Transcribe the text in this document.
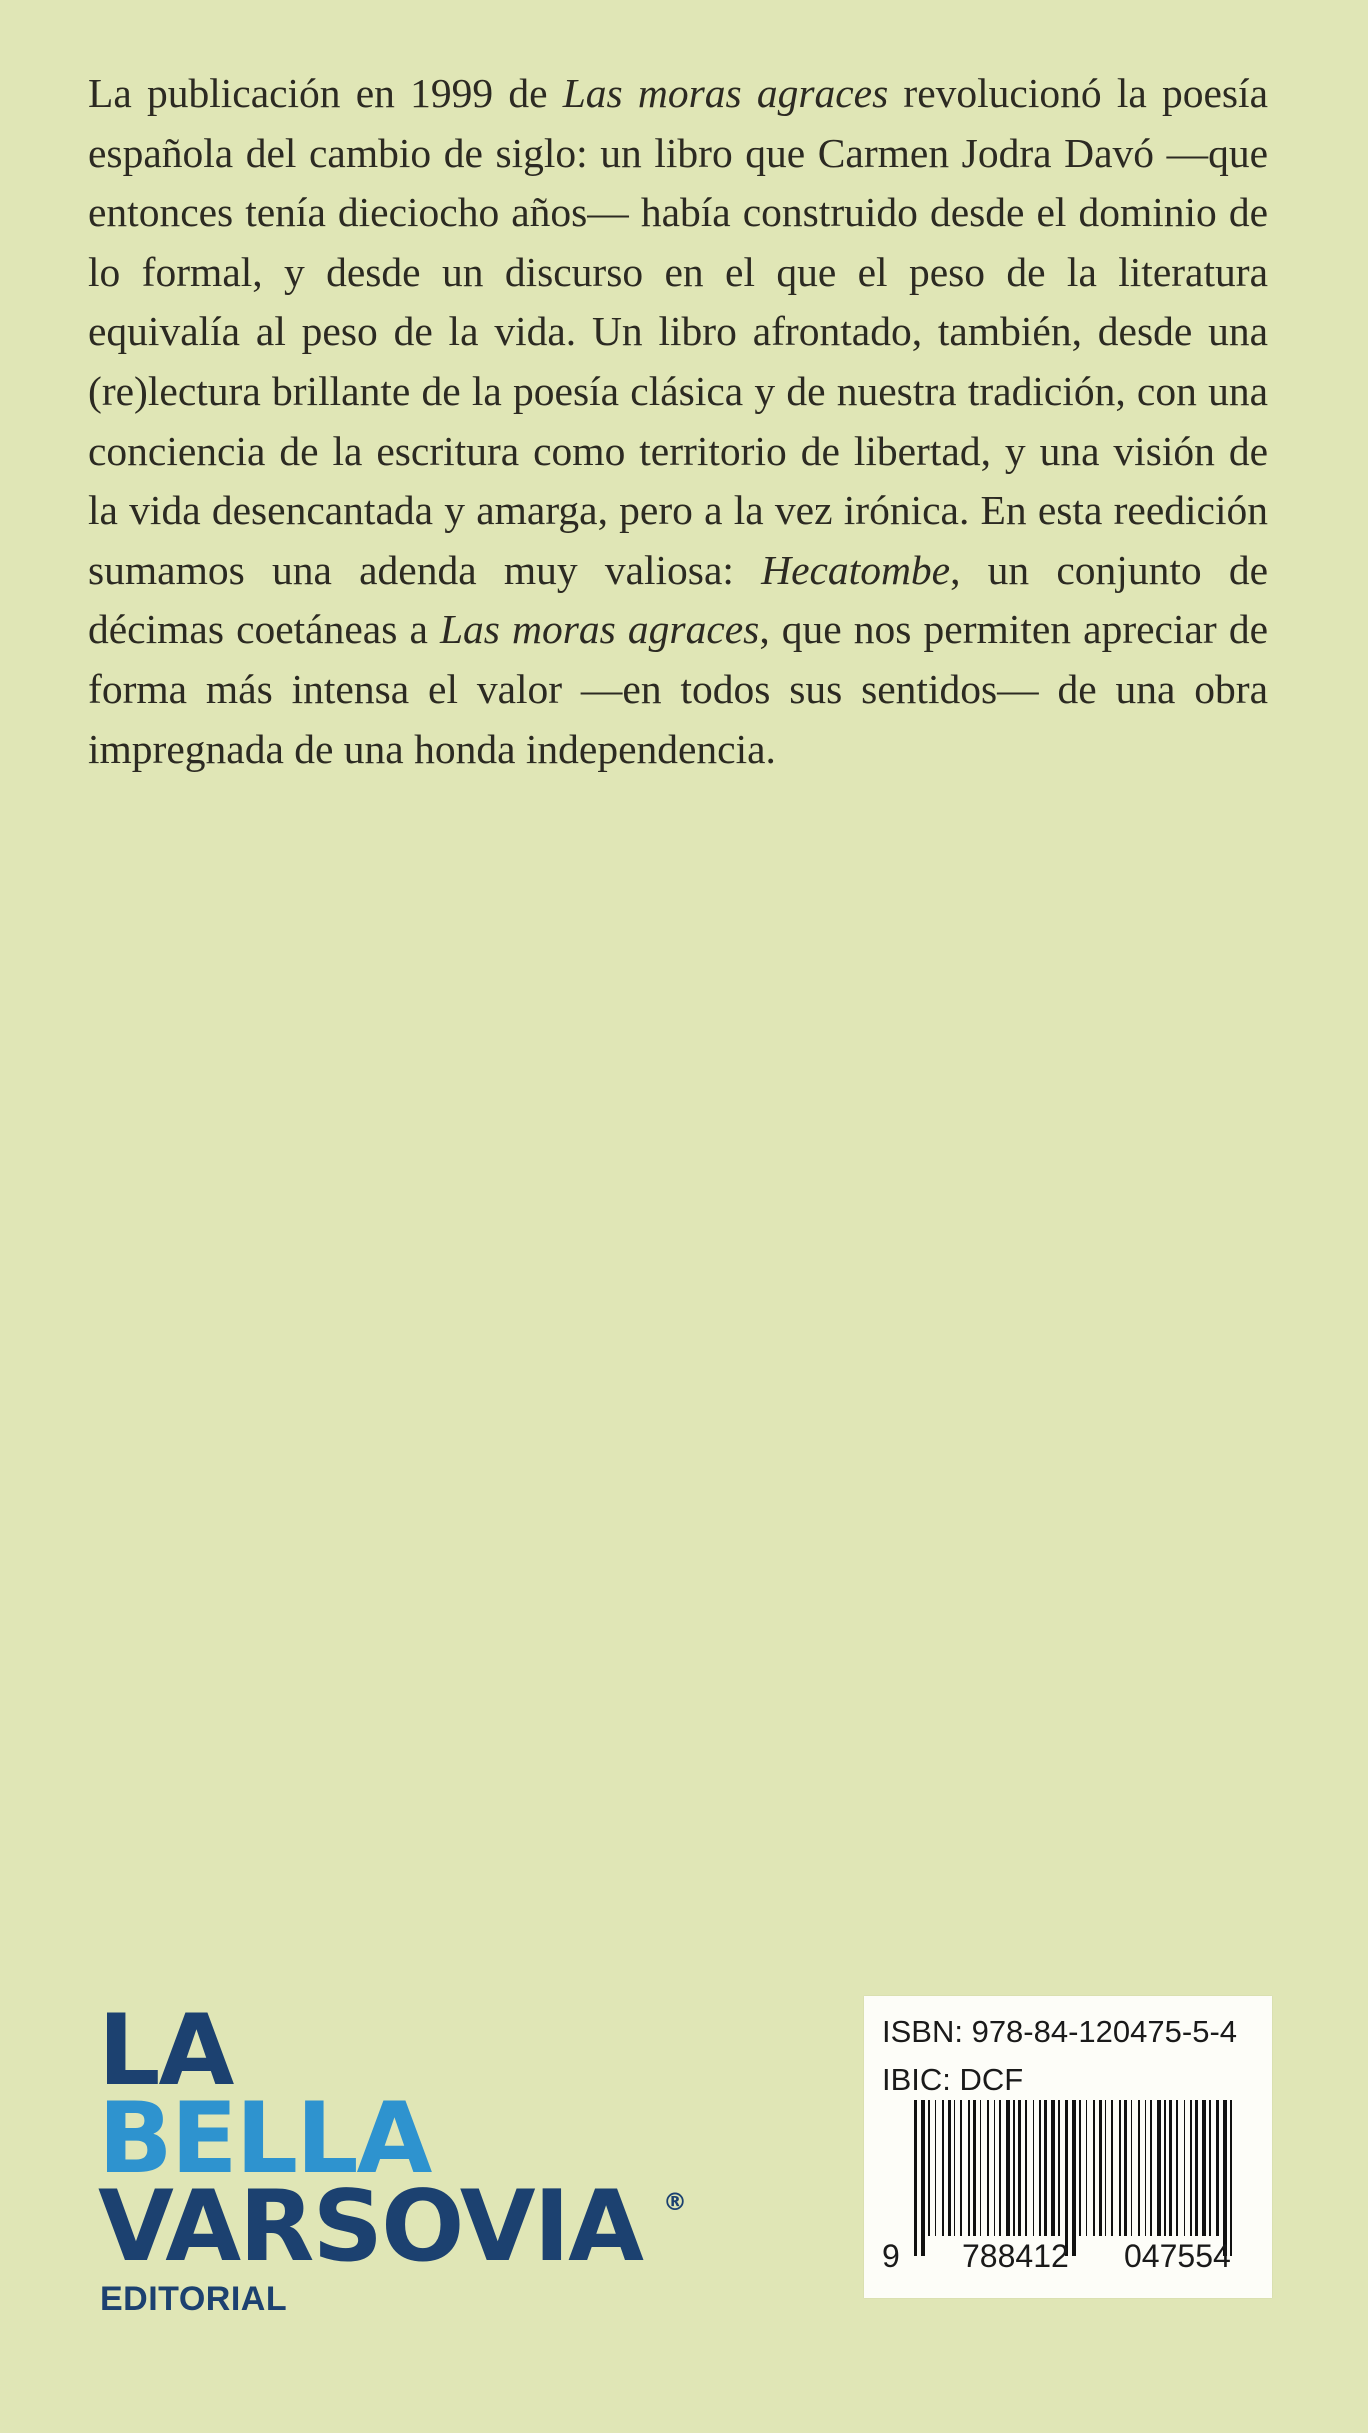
La publicación en 1999 de Las moras agraces revolucionó la poesía española del cambio de siglo: un libro que Carmen Jodra Davó —que entonces tenía dieciocho años— había construido desde el dominio de lo formal, y desde un discurso en el que el peso de la literatura equivalía al peso de la vida. Un libro afrontado, también, desde una (re)lectura brillante de la poesía clásica y de nuestra tradición, con una conciencia de la escritura como territorio de libertad, y una visión de la vida desencantada y amarga, pero a la vez irónica. En esta reedición sumamos una adenda muy valiosa: Hecatombe, un conjunto de décimas coetáneas a Las moras agraces, que nos permiten apreciar de forma más intensa el valor —en todos sus sentidos— de una obra impregnada de una honda independencia.

LA
BELLA
VARSOVIA ®
EDITORIAL
ISBN: 978-84-120475-5-4
IBIC: DCF
9 788412 047554
